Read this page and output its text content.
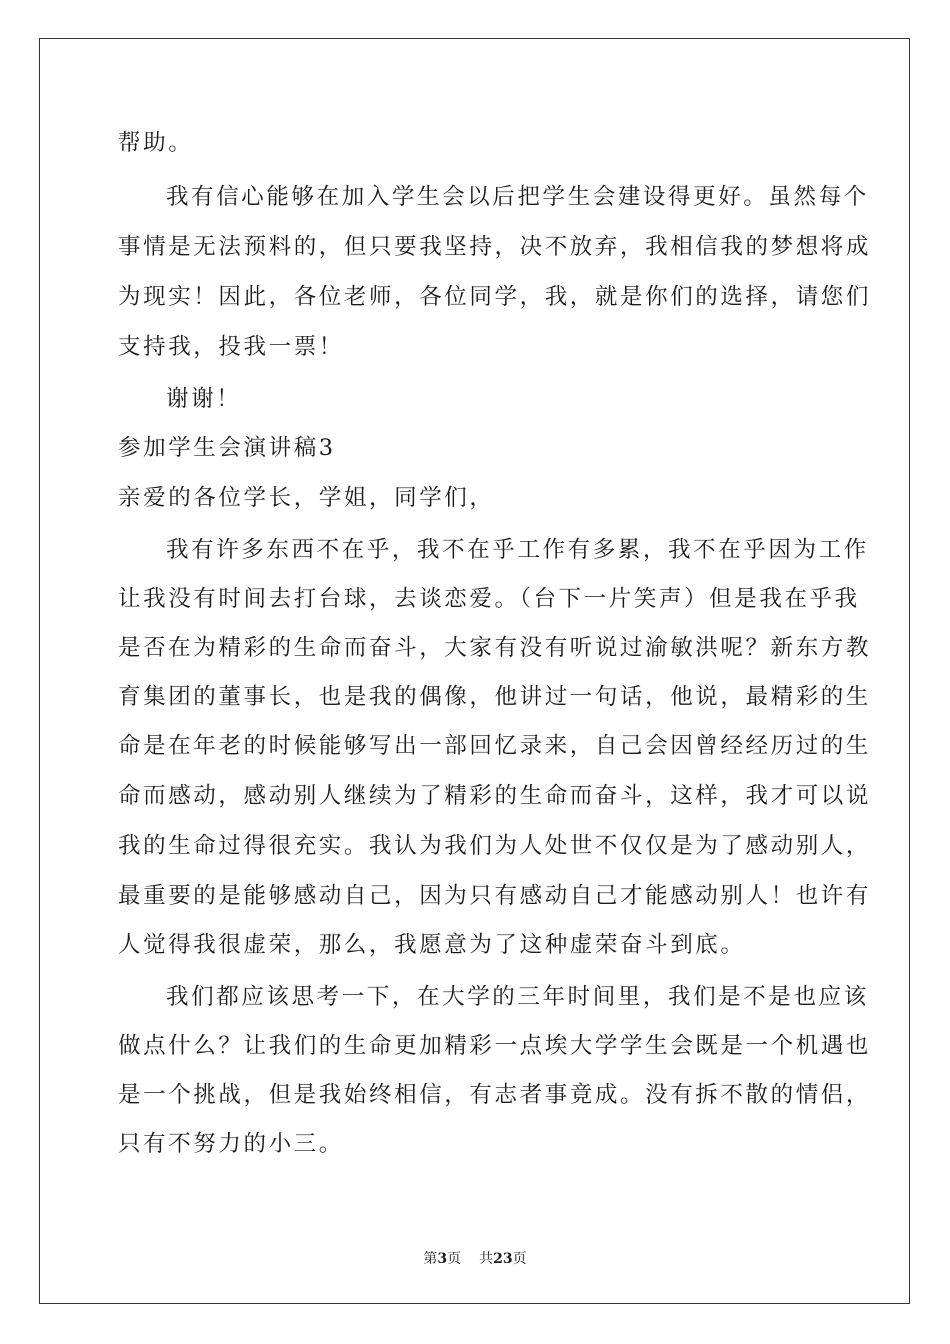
帮助。
我有信心能够在加入学生会以后把学生会建设得更好。虽然每个
事情是无法预料的，但只要我坚持，决不放弃，我相信我的梦想将成
为现实！因此，各位老师，各位同学，我，就是你们的选择，请您们
支持我，投我一票！
谢谢！
参加学生会演讲稿3
亲爱的各位学长，学姐，同学们，
我有许多东西不在乎，我不在乎工作有多累，我不在乎因为工作
让我没有时间去打台球，去谈恋爱。（台下一片笑声）但是我在乎我
是否在为精彩的生命而奋斗，大家有没有听说过渝敏洪呢？新东方教
育集团的董事长，也是我的偶像，他讲过一句话，他说，最精彩的生
命是在年老的时候能够写出一部回忆录来，自己会因曾经经历过的生
命而感动，感动别人继续为了精彩的生命而奋斗，这样，我才可以说
我的生命过得很充实。我认为我们为人处世不仅仅是为了感动别人，
最重要的是能够感动自己，因为只有感动自己才能感动别人！也许有
人觉得我很虚荣，那么，我愿意为了这种虚荣奋斗到底。
我们都应该思考一下，在大学的三年时间里，我们是不是也应该
做点什么？让我们的生命更加精彩一点埃大学学生会既是一个机遇也
是一个挑战，但是我始终相信，有志者事竟成。没有拆不散的情侣，
只有不努力的小三。
第3页 共23页
